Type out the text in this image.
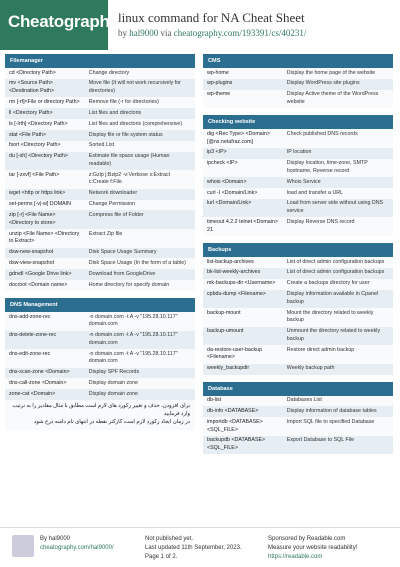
Cheatography linux command for NA Cheat Sheet
by hal9000 via cheatography.com/193391/cs/40231/
Filemanager
cd <Directory Path>	Change directory
mv <Source Path> <Destination Path>	Move file (It will not work recursively for directories)
rm [-rf]<File or directory Path>	Remove file (-r for directories)
ll <Directory Path>	List files and directoris
ls [-lrth] <Directory Path>	List files and directoris (comprehensive)
stat <File Path>	Display file or file system status
fsort <Directory Path>	Sorted List
du [-sh] <Directory Path>	Estimate file space usage (Human readable)
tar [-zxvf] <File Path>	z:Gzip j:Bzip2 -v:Verbose x:Extract c:Create f:File
wget <http or https link>	Network downloader
set-perms [-v|-w] DOMAIN	Change Permission
zip [-r] <File Name> <Directory to store>	Compress file of Folder
unzip <File Name> <Directory to Extract>	Extract Zip file
dsw-new-snapshot	Disk Space Usage Summary
dsw-view-snapshot	Disk Space Usage (In the form of a table)
gdrvdl <Google Drive link>	Download from GoogleDrive
docroot <Domain name>	Home directory for specify domain
DNS Management
dns-add-zone-rec	-n domain.com -t A -v "195.28.10.117" domain.com
dns-delete-zone-rec	-n domain.com -t A -v "195.28.10.117" domain.com
dns-edit-zone-rec	-n domain.com -t A -v "195.28.10.117" domain.com
dns-scan-zone <Domain>	Display SPF Records
dns-call-zone <Domain>	Display domain zone
zone-cat <Domain>	Display domain zone
برای افزودن، حذف و تغییر رکورد های لازم است مطابق با مثال مقادیر را به ترتیب وارد فرمایید
در زمان ایجاد رکورد لازم است کارکتر نقطه در انتهای نام دامنه درج شود
CMS
wp-home	Display the home page of the website
wp-plugins	Display WordPress site plugins
wp-theme	Display Active theme of the WordPress website
Checking website
dig <Rec Type> <Domain> [@ns.netafraz.com]	Check published DNS records
ip3 <IP>	IP location
ipcheck <IP>	Display location, time-zone, SMTP hostname, Reverse record
whois <Domain>	Whois Service
curl -I <Domain/Link>	load and transfer a URL
lurl <Domain/Link>	Load from server side without using DNS service
timeout 4.2.2 telnet <Domain> 21	Display Reverse DNS record
Backups
list-backup-archives	List of direct admin configuration backups
bk-list-weekly-archives	List of direct admin configuration backups
mk-backups-dir <Username>	Create a backups directory for user
cpbdu-dump <Filename>	Display information available in Cpanel backup
backup-mount	Mount the directory related to weekly backup
backup-umount	Unmount the directory related to weekly backup
da-restore-user-backup <Filename>	Restore direct admin backup
weekly_backupdir	Weekly backup path
Database
db-list	Databases List
db-info <DATABASE>	Display information of database tables
importdb <DATABASE> <SQL_FILE>	Import SQL file to specified Database
backupdb <DATABASE> <SQL_FILE>	Export Database to SQL File
By hal9000
cheatography.com/hal9000/
Not published yet.
Last updated 11th September, 2023.
Page 1 of 2.
Sponsored by Readable.com
Measure your website readability!
https://readable.com
